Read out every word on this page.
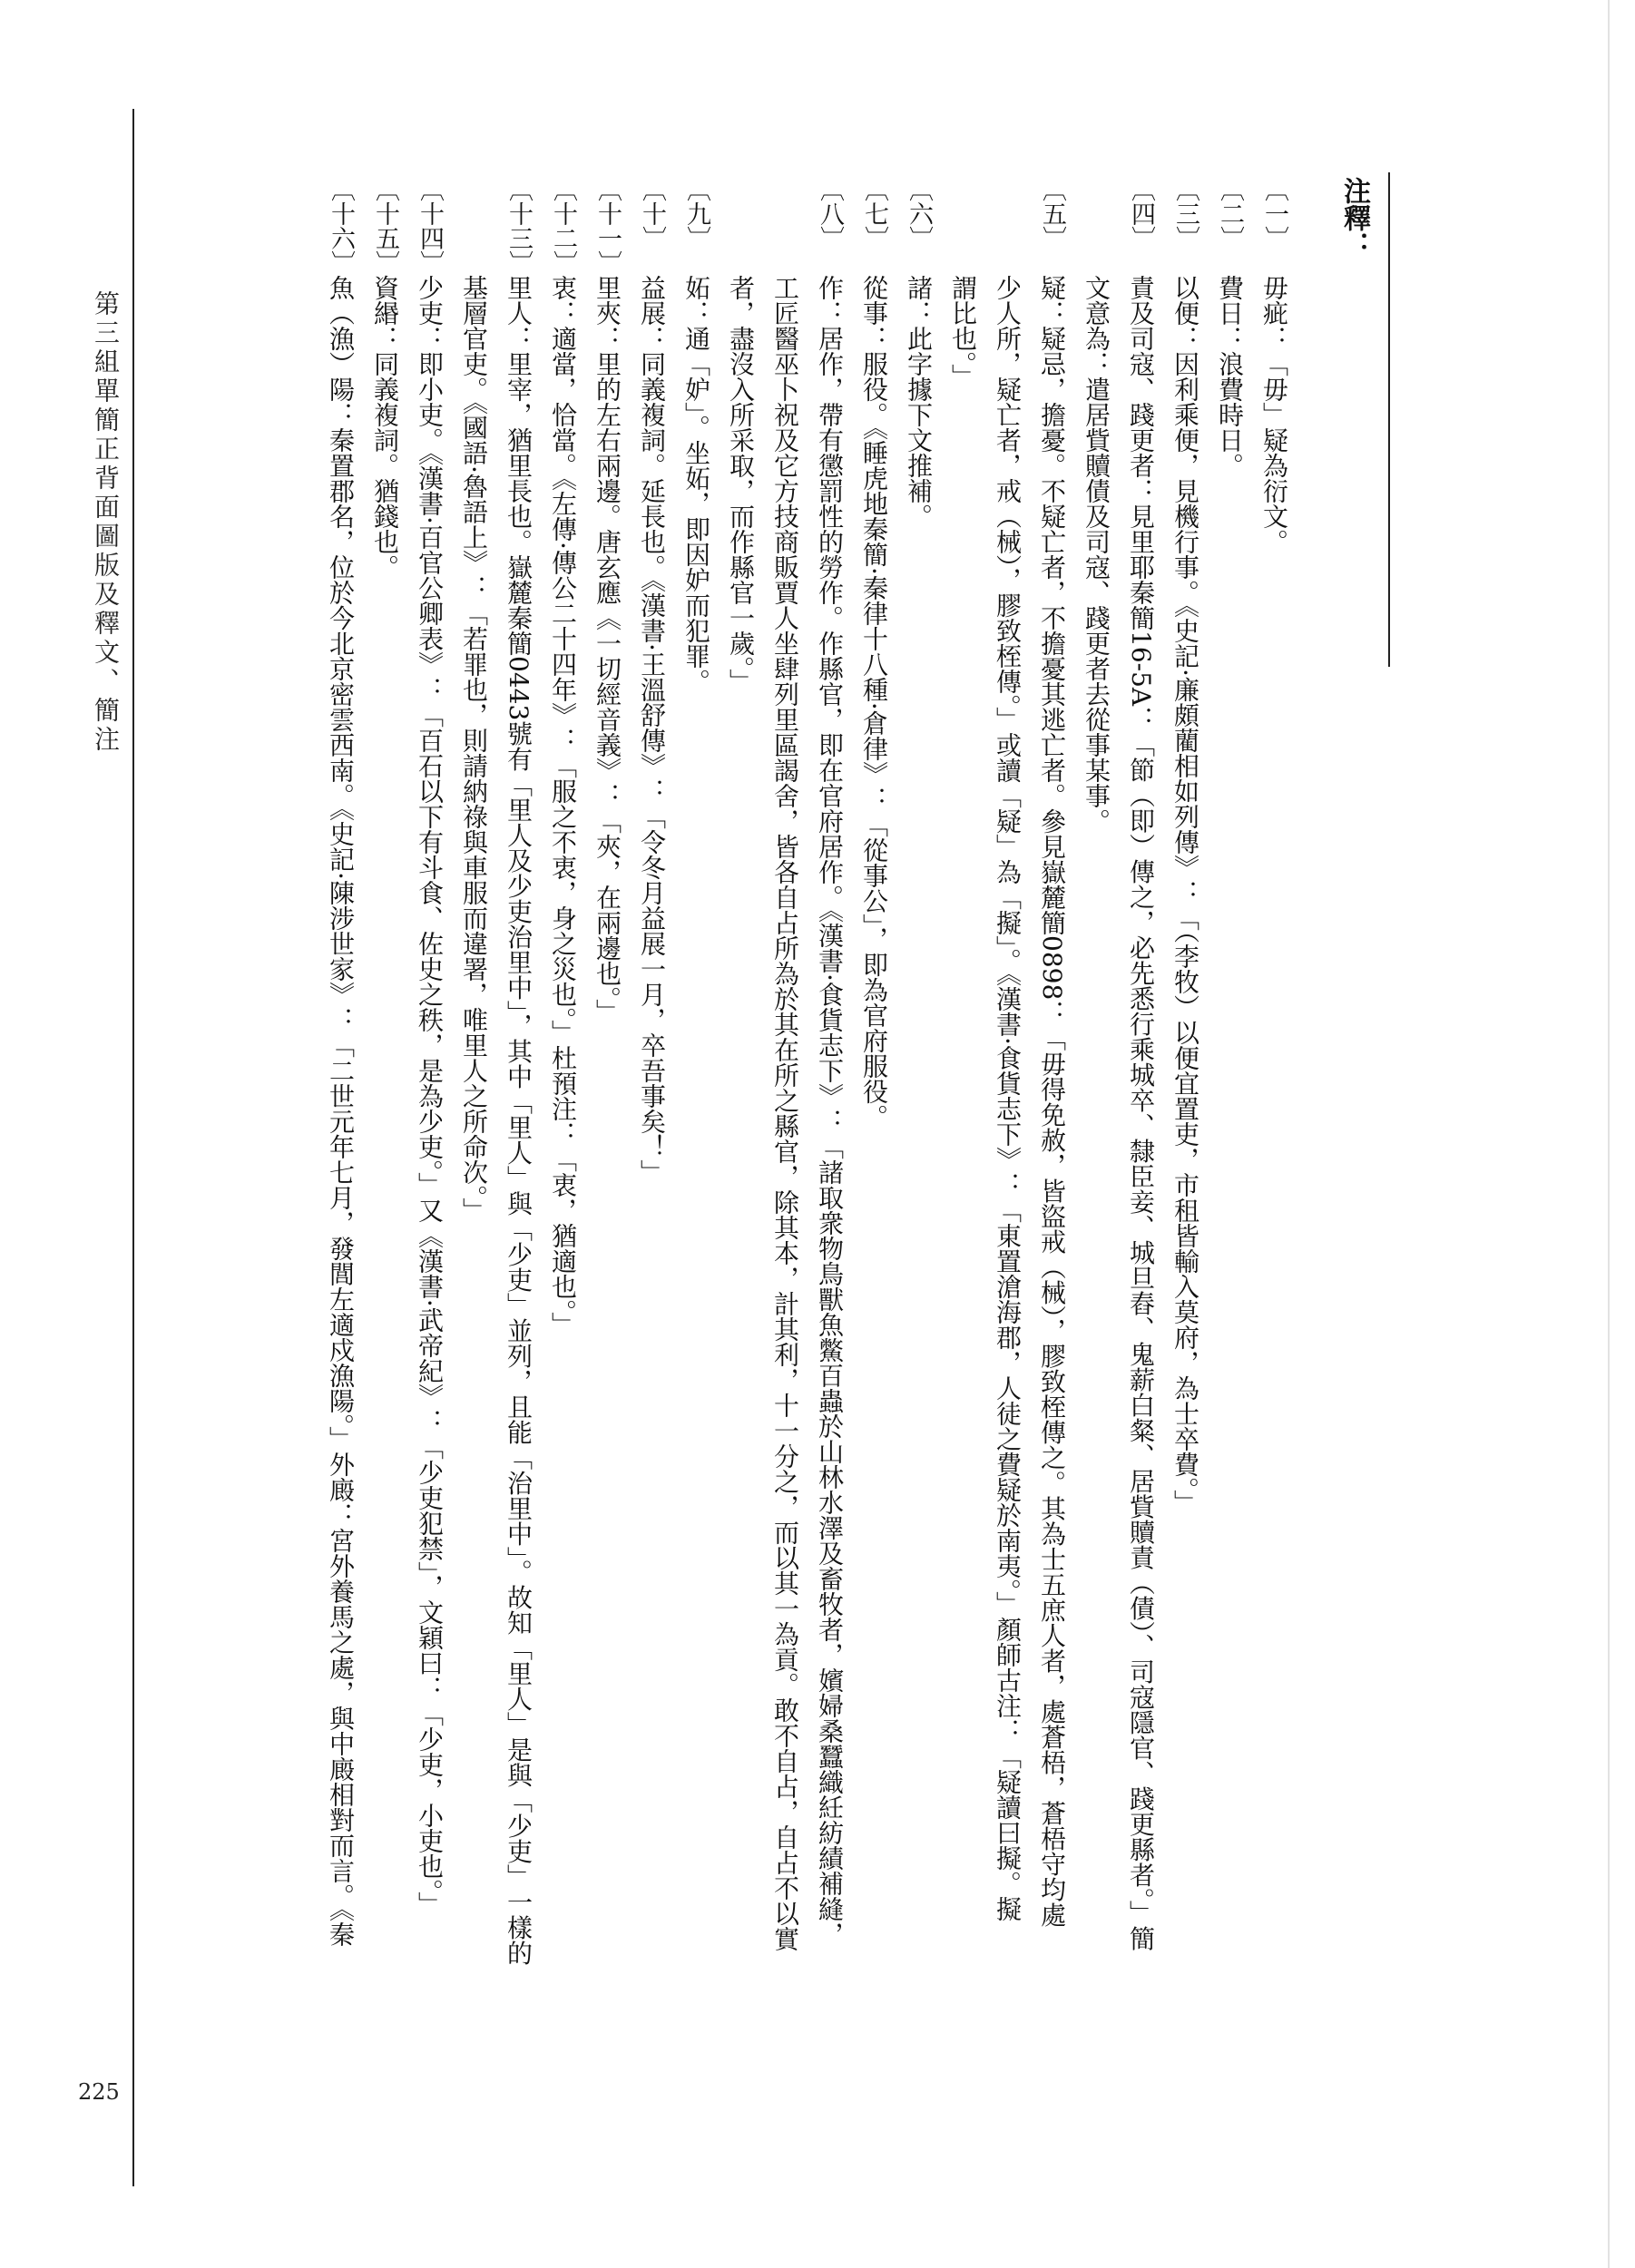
第三組單簡正背面圖版及釋文、簡注
225
注釋：
〔一〕
毋疵：「毋」疑為衍文。
〔二〕
費日：浪費時日。
〔三〕
以便：因利乘便，見機行事。《史記·廉頗藺相如列傳》：「（李牧）以便宜置吏，市租皆輸入莫府，為士卒費。」
〔四〕
責及司寇、踐更者：見里耶秦簡16-5A：「節（即）傳之，必先悉行乘城卒、隸臣妾、城旦舂、鬼薪白粲、居貲贖責（債）、司寇隱官、踐更縣者。」簡
文意為：遣居貲贖債及司寇、踐更者去從事某事。
〔五〕
疑：疑忌，擔憂。不疑亡者，不擔憂其逃亡者。參見嶽麓簡0898：「毋得免赦，皆盜戒（械），膠致桎傳之。其為士五庶人者，處蒼梧，蒼梧守均處
少人所，疑亡者，戒（械），膠致桎傳。」或讀「疑」為「擬」。《漢書·食貨志下》：「東置滄海郡，人徒之費疑於南夷。」顏師古注：「疑讀曰擬。擬
謂比也。」
〔六〕
諸：此字據下文推補。
〔七〕
從事：服役。《睡虎地秦簡·秦律十八種·倉律》：「從事公」，即為官府服役。
〔八〕
作：居作，帶有懲罰性的勞作。作縣官，即在官府居作。《漢書·食貨志下》：「諸取衆物鳥獸魚鱉百蟲於山林水澤及畜牧者，嬪婦桑蠶織紝紡績補縫，
工匠醫巫卜祝及它方技商販賈人坐肆列里區謁舍，皆各自占所為於其在所之縣官，除其本，計其利，十一分之，而以其一為貢。敢不自占，自占不以實
者，盡沒入所采取，而作縣官一歲。」
〔九〕
妬：通「妒」。坐妬，即因妒而犯罪。
〔十〕
益展：同義複詞。延長也。《漢書·王溫舒傳》：「令冬月益展一月，卒吾事矣！」
〔十一〕
里夾：里的左右兩邊。唐玄應《一切經音義》：「夾，在兩邊也。」
〔十二〕
衷：適當，恰當。《左傳·傳公二十四年》：「服之不衷，身之災也。」杜預注：「衷，猶適也。」
〔十三〕
里人：里宰，猶里長也。嶽麓秦簡0443號有「里人及少吏治里中」，其中「里人」與「少吏」並列，且能「治里中」。故知「里人」是與「少吏」一樣的
基層官吏。《國語·魯語上》：「若罪也，則請納祿與車服而違署，唯里人之所命次。」
〔十四〕
少吏：即小吏。《漢書·百官公卿表》：「百石以下有斗食、佐史之秩，是為少吏。」又《漢書·武帝紀》：「少吏犯禁」，文穎曰：「少吏，小吏也。」
〔十五〕
資緡：同義複詞。猶錢也。
〔十六〕
魚（漁）陽：秦置郡名，位於今北京密雲西南。《史記·陳涉世家》：「二世元年七月，發閭左適戍漁陽。」外廄：宮外養馬之處，與中廄相對而言。《秦
